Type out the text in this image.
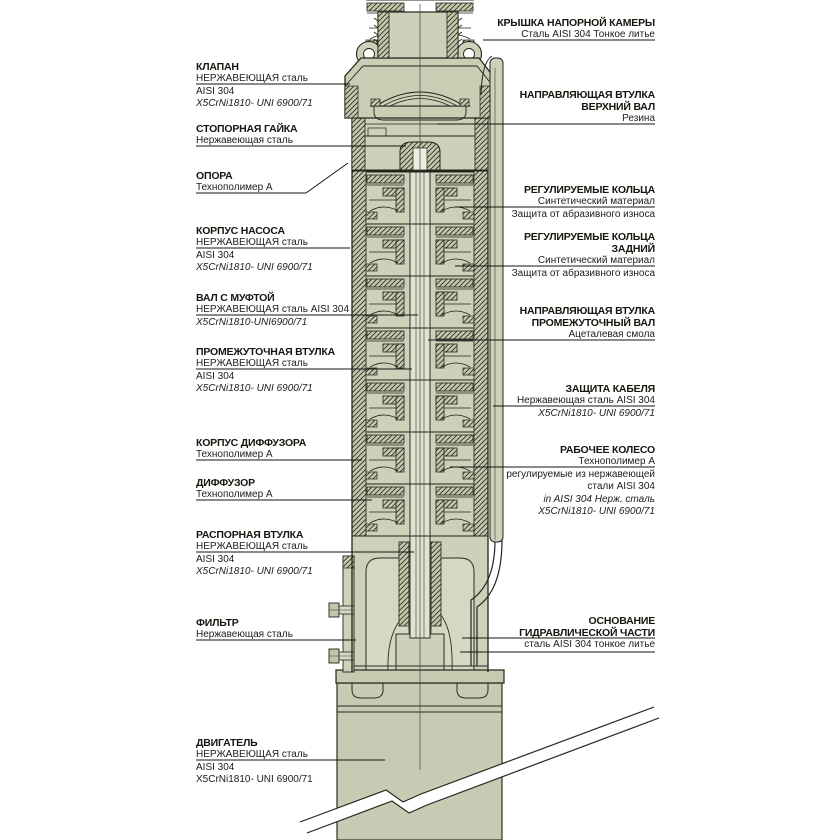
КЛАПАН
НЕРЖАВЕЮЩАЯ сталь
AISI 304
X5CrNi1810- UNI 6900/71
СТОПОРНАЯ ГАЙКА
Нержавеющая сталь
ОПОРА
Технополимер А
КОРПУС НАСОСА
НЕРЖАВЕЮЩАЯ сталь
AISI 304
X5CrNi1810- UNI 6900/71
ВАЛ С МУФТОЙ
НЕРЖАВЕЮЩАЯ сталь AISI 304
X5CrNi1810-UNI6900/71
ПРОМЕЖУТОЧНАЯ ВТУЛКА
НЕРЖАВЕЮЩАЯ сталь
AISI 304
X5CrNi1810- UNI 6900/71
КОРПУС ДИФФУЗОРА
Технополимер А
ДИФФУЗОР
Технополимер А
РАСПОРНАЯ ВТУЛКА
НЕРЖАВЕЮЩАЯ сталь
AISI 304
X5CrNi1810- UNI 6900/71
ФИЛЬТР
Нержавеющая сталь
ДВИГАТЕЛЬ
НЕРЖАВЕЮЩАЯ сталь
AISI 304
X5CrNi1810- UNI 6900/71
КРЫШКА НАПОРНОЙ КАМЕРЫ
Сталь AISI 304 Тонкое литье
НАПРАВЛЯЮЩАЯ ВТУЛКА
ВЕРХНИЙ ВАЛ
Резина
РЕГУЛИРУЕМЫЕ КОЛЬЦА
Синтетический материал
Защита от абразивного износа
РЕГУЛИРУЕМЫЕ КОЛЬЦА
ЗАДНИЙ
Синтетический материал
Защита от абразивного износа
НАПРАВЛЯЮЩАЯ ВТУЛКА
ПРОМЕЖУТОЧНЫЙ ВАЛ
Ацеталевая смола
ЗАЩИТА КАБЕЛЯ
Нержавеющая сталь AISI 304
X5CrNi1810- UNI 6900/71
РАБОЧЕЕ КОЛЕСО
Технополимер А
регулируемые из нержавеющей
стали AISI 304
in AISI 304 Нерж. сталь
X5CrNi1810- UNI 6900/71
ОСНОВАНИЕ
ГИДРАВЛИЧЕСКОЙ ЧАСТИ
сталь AISI 304 тонкое литье
